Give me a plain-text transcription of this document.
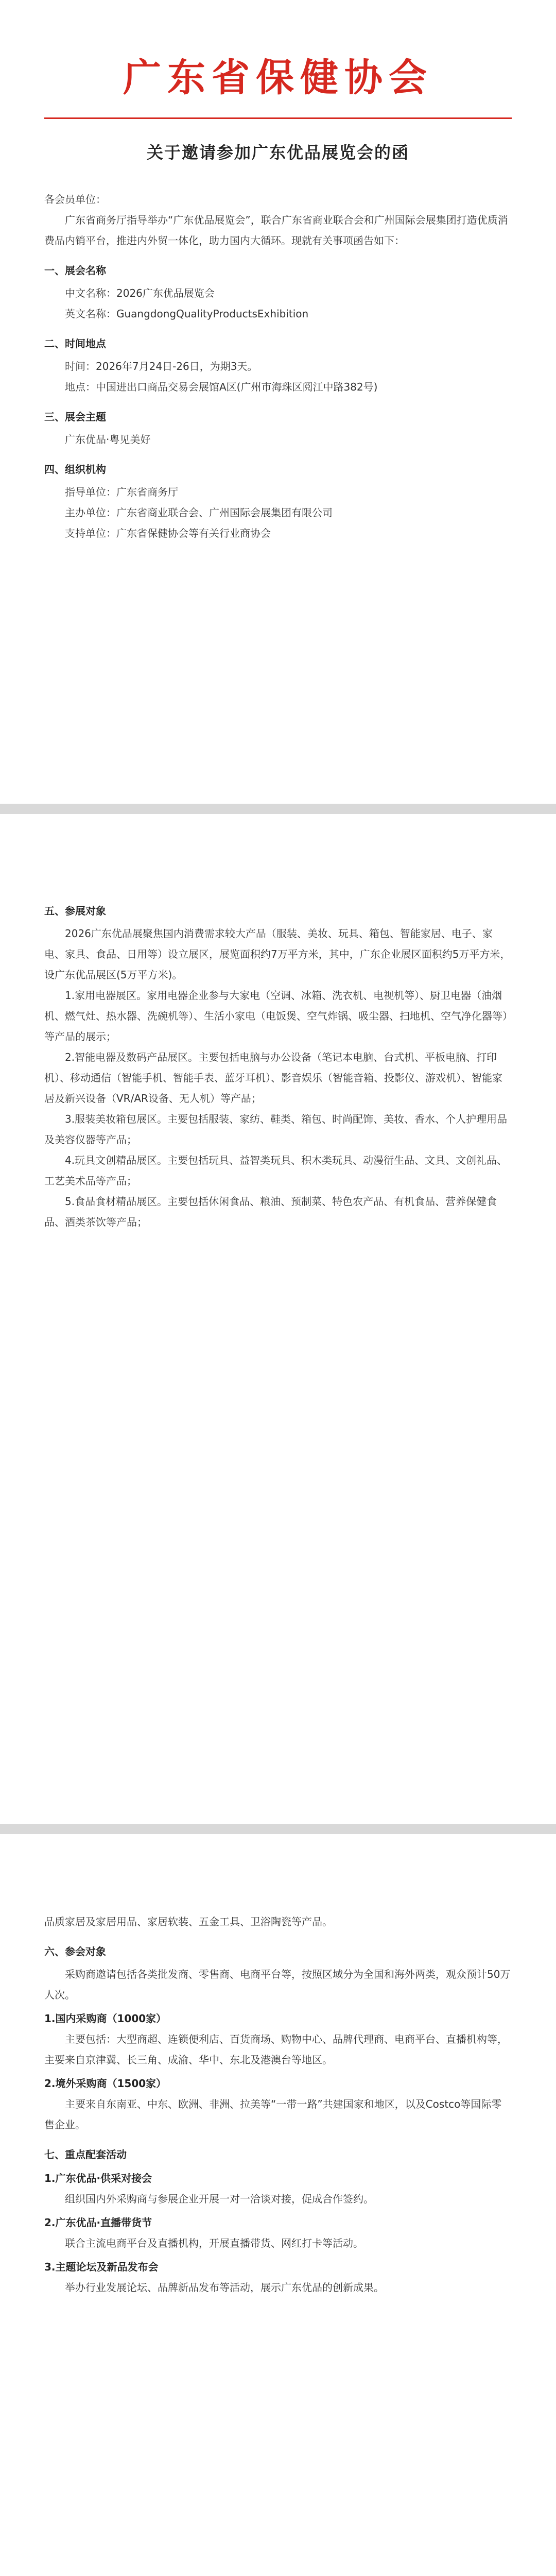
广东省保健协会
关于邀请参加广东优品展览会的函

各会员单位：

广东省商务厅指导举办“广东优品展览会”，联合广东省商业联合会和广州国际会展集团打造优质消费品内销平台，推进内外贸一体化，助力国内大循环。现就有关事项函告如下：

一、展会名称

中文名称：2026广东优品展览会

英文名称：GuangdongQualityProductsExhibition

二、时间地点

时间：2026年7月24日-26日，为期3天。

地点：中国进出口商品交易会展馆A区(广州市海珠区阅江中路382号)

三、展会主题

广东优品·粤见美好

四、组织机构

指导单位：广东省商务厅

主办单位：广东省商业联合会、广州国际会展集团有限公司

支持单位：广东省保健协会等有关行业商协会

五、参展对象

2026广东优品展聚焦国内消费需求较大产品（服装、美妆、玩具、箱包、智能家居、电子、家电、家具、食品、日用等）设立展区，展览面积约7万平方米，其中，广东企业展区面积约5万平方米，设广东优品展区(5万平方米)。

1.家用电器展区。家用电器企业参与大家电（空调、冰箱、洗衣机、电视机等）、厨卫电器（油烟机、燃气灶、热水器、洗碗机等）、生活小家电（电饭煲、空气炸锅、吸尘器、扫地机、空气净化器等）等产品的展示；

2.智能电器及数码产品展区。主要包括电脑与办公设备（笔记本电脑、台式机、平板电脑、打印机）、移动通信（智能手机、智能手表、蓝牙耳机）、影音娱乐（智能音箱、投影仪、游戏机）、智能家居及新兴设备（VR/AR设备、无人机）等产品；

3.服装美妆箱包展区。主要包括服装、家纺、鞋类、箱包、时尚配饰、美妆、香水、个人护理用品及美容仪器等产品；

4.玩具文创精品展区。主要包括玩具、益智类玩具、积木类玩具、动漫衍生品、文具、文创礼品、工艺美术品等产品；

5.食品食材精品展区。主要包括休闲食品、粮油、预制菜、特色农产品、有机食品、营养保健食品、酒类茶饮等产品；

品质家居及家居用品、家居软装、五金工具、卫浴陶瓷等产品。

六、参会对象

采购商邀请包括各类批发商、零售商、电商平台等，按照区域分为全国和海外两类，观众预计50万人次。

1.国内采购商（1000家）

主要包括：大型商超、连锁便利店、百货商场、购物中心、品牌代理商、电商平台、直播机构等，主要来自京津冀、长三角、成渝、华中、东北及港澳台等地区。

2.境外采购商（1500家）

主要来自东南亚、中东、欧洲、非洲、拉美等“一带一路”共建国家和地区，以及Costco等国际零售企业。

七、重点配套活动
1.广东优品·供采对接会

组织国内外采购商与参展企业开展一对一洽谈对接，促成合作签约。

2.广东优品·直播带货节

联合主流电商平台及直播机构，开展直播带货、网红打卡等活动。

3.主题论坛及新品发布会

举办行业发展论坛、品牌新品发布等活动，展示广东优品的创新成果。
